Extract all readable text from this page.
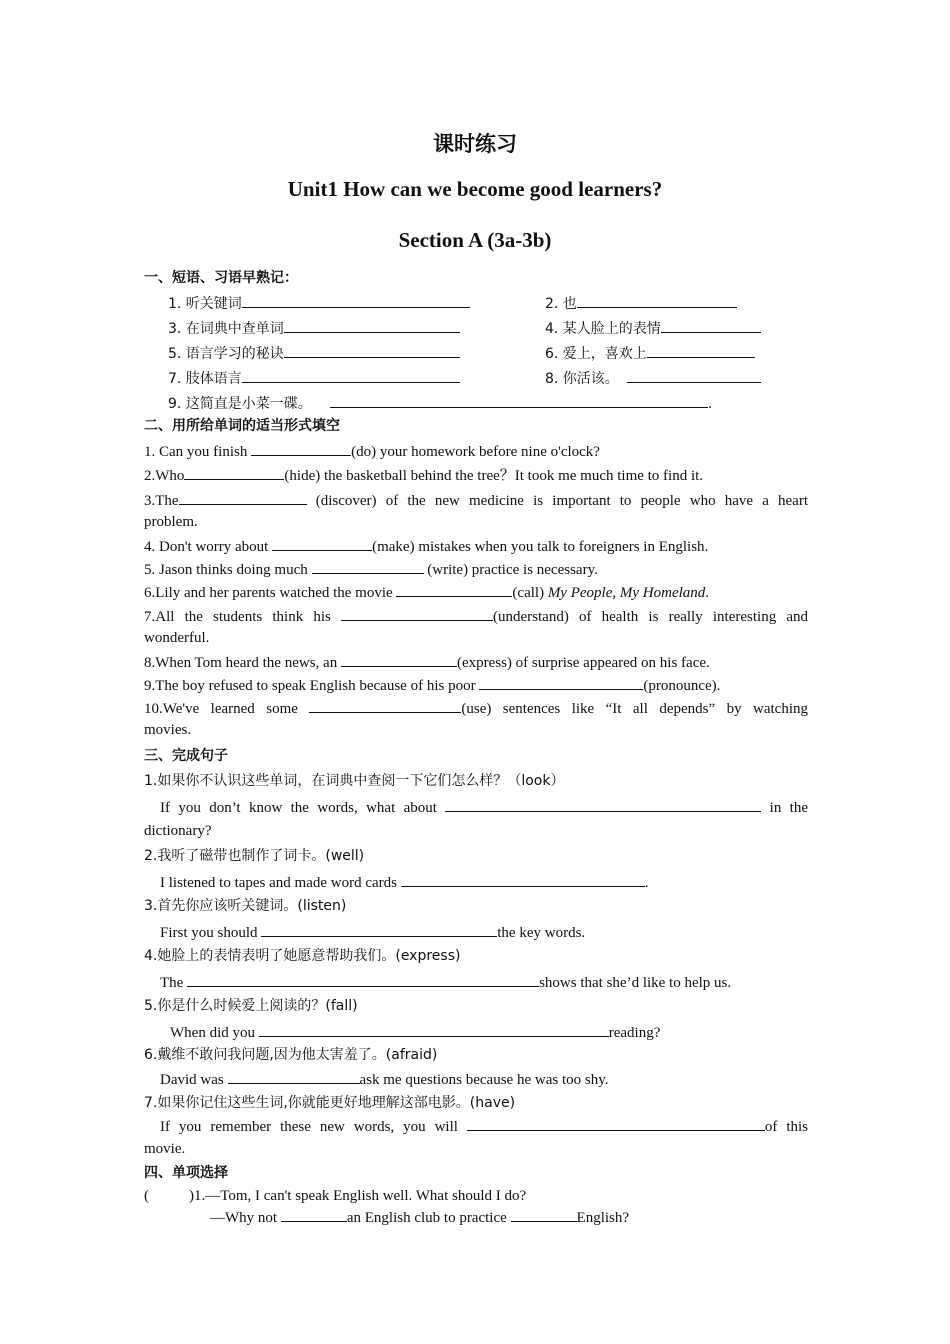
课时练习
Unit1 How can we become good learners?
Section A (3a-3b)
一、短语、习语早熟记：
1. 听关键词	2. 也
3. 在词典中查单词	4. 某人脸上的表情
5. 语言学习的秘诀	6. 爱上，喜欢上
7. 肢体语言	8. 你活该。
9. 这简直是小菜一碟。	.
二、用所给单词的适当形式填空
1. Can you finish	(do) your homework before nine o'clock?
2.Who	(hide) the basketball behind the tree？It took me much time to find it.
3.The	(discover) of the new medicine is important to people who have a heart
problem.
4. Don't worry about	(make) mistakes when you talk to foreigners in English.
5. Jason thinks doing much	(write) practice is necessary.
6.Lily and her parents watched the movie	(call) My People, My Homeland.
7.All the students think his	(understand) of health is really interesting and
wonderful.
8.When Tom heard the news, an	(express) of surprise appeared on his face.
9.The boy refused to speak English because of his poor	(pronounce).
10.We've learned some	(use) sentences like “It all depends” by watching
movies.
三、完成句子
1.如果你不认识这些单词，在词典中查阅一下它们怎么样？（look）
If you don’t know the words, what about	in the
dictionary?
2.我听了磁带也制作了词卡。(well)
I listened to tapes and made word cards	.
3.首先你应该听关键词。(listen)
First you should	the key words.
4.她脸上的表情表明了她愿意帮助我们。(express)
The	shows that she’d like to help us.
5.你是什么时候爱上阅读的？(fall)
When did you	reading?
6.戴维不敢问我问题,因为他太害羞了。(afraid)
David was	ask me questions because he was too shy.
7.如果你记住这些生词,你就能更好地理解这部电影。(have)
If you remember these new words, you will	of this
movie.
四、单项选择
(	)1.—Tom, I can't speak English well. What should I do?
—Why not	an English club to practice	English?
